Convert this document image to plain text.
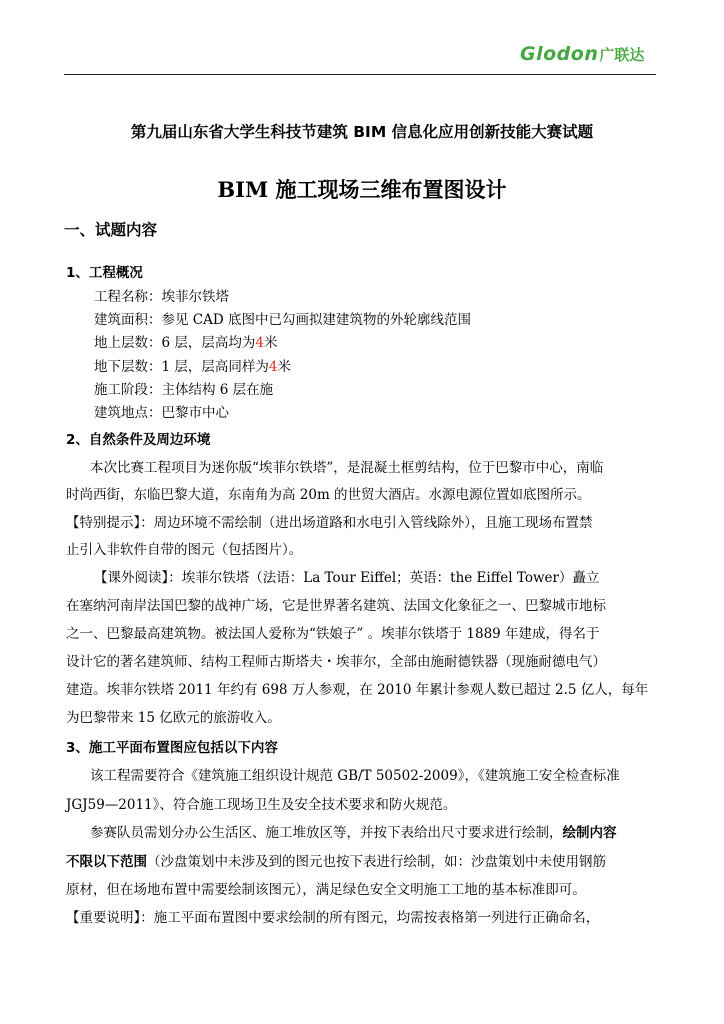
Glodon 广联达
第九届山东省大学生科技节建筑 BIM 信息化应用创新技能大赛试题
BIM 施工现场三维布置图设计
一、试题内容
1、工程概况
工程名称：埃菲尔铁塔
建筑面积：参见 CAD 底图中已勾画拟建建筑物的外轮廓线范围
地上层数：6 层，层高均为4米
地下层数：1 层，层高同样为4米
施工阶段：主体结构 6 层在施
建筑地点：巴黎市中心
2、自然条件及周边环境
本次比赛工程项目为迷你版“埃菲尔铁塔”，是混凝土框剪结构，位于巴黎市中心，南临
时尚西街，东临巴黎大道，东南角为高 20m 的世贸大酒店。水源电源位置如底图所示。
【特别提示】：周边环境不需绘制（进出场道路和水电引入管线除外），且施工现场布置禁
止引入非软件自带的图元（包括图片）。
【课外阅读】：埃菲尔铁塔（法语：La Tour Eiffel；英语：the Eiffel Tower）矗立
在塞纳河南岸法国巴黎的战神广场，它是世界著名建筑、法国文化象征之一、巴黎城市地标
之一、巴黎最高建筑物。被法国人爱称为“铁娘子” 。埃菲尔铁塔于 1889 年建成，得名于
设计它的著名建筑师、结构工程师古斯塔夫・埃菲尔，全部由施耐德铁器（现施耐德电气）
建造。埃菲尔铁塔 2011 年约有 698 万人参观，在 2010 年累计参观人数已超过 2.5 亿人，每年
为巴黎带来 15 亿欧元的旅游收入。
3、施工平面布置图应包括以下内容
该工程需要符合《建筑施工组织设计规范 GB/T 50502-2009》，《建筑施工安全检查标准
JGJ59—2011》、符合施工现场卫生及安全技术要求和防火规范。
参赛队员需划分办公生活区、施工堆放区等，并按下表给出尺寸要求进行绘制，绘制内容
不限以下范围（沙盘策划中未涉及到的图元也按下表进行绘制，如：沙盘策划中未使用钢筋
原材，但在场地布置中需要绘制该图元），满足绿色安全文明施工工地的基本标准即可。
【重要说明】：施工平面布置图中要求绘制的所有图元，均需按表格第一列进行正确命名，
